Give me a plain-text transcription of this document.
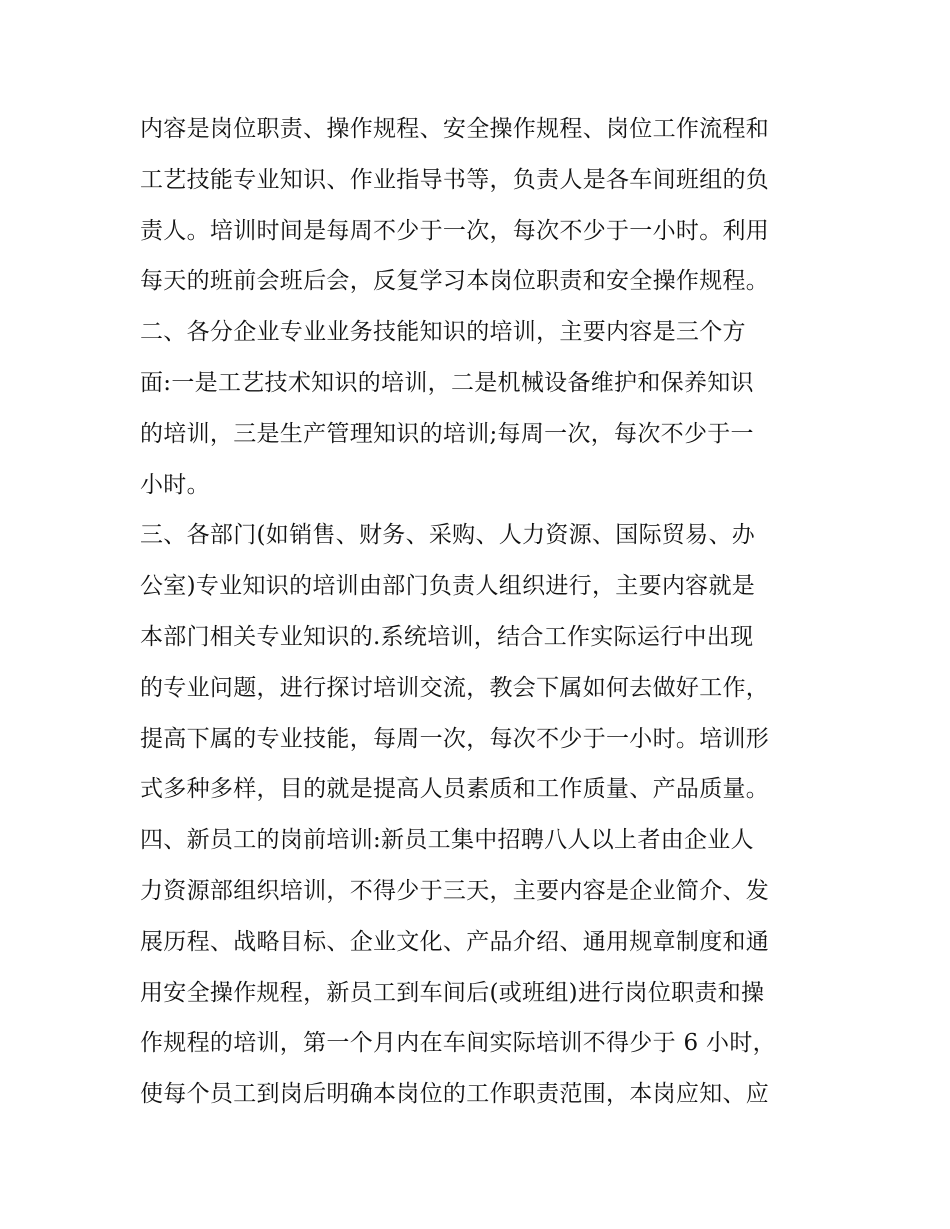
内容是岗位职责、操作规程、安全操作规程、岗位工作流程和
工艺技能专业知识、作业指导书等，负责人是各车间班组的负
责人。培训时间是每周不少于一次，每次不少于一小时。利用
每天的班前会班后会，反复学习本岗位职责和安全操作规程。
二、各分企业专业业务技能知识的培训，主要内容是三个方
面:一是工艺技术知识的培训，二是机械设备维护和保养知识
的培训，三是生产管理知识的培训;每周一次，每次不少于一
小时。
三、各部门(如销售、财务、采购、人力资源、国际贸易、办
公室)专业知识的培训由部门负责人组织进行，主要内容就是
本部门相关专业知识的.系统培训，结合工作实际运行中出现
的专业问题，进行探讨培训交流，教会下属如何去做好工作，
提高下属的专业技能，每周一次，每次不少于一小时。培训形
式多种多样，目的就是提高人员素质和工作质量、产品质量。
四、新员工的岗前培训:新员工集中招聘八人以上者由企业人
力资源部组织培训，不得少于三天，主要内容是企业简介、发
展历程、战略目标、企业文化、产品介绍、通用规章制度和通
用安全操作规程，新员工到车间后(或班组)进行岗位职责和操
作规程的培训，第一个月内在车间实际培训不得少于 6 小时，
使每个员工到岗后明确本岗位的工作职责范围，本岗应知、应
